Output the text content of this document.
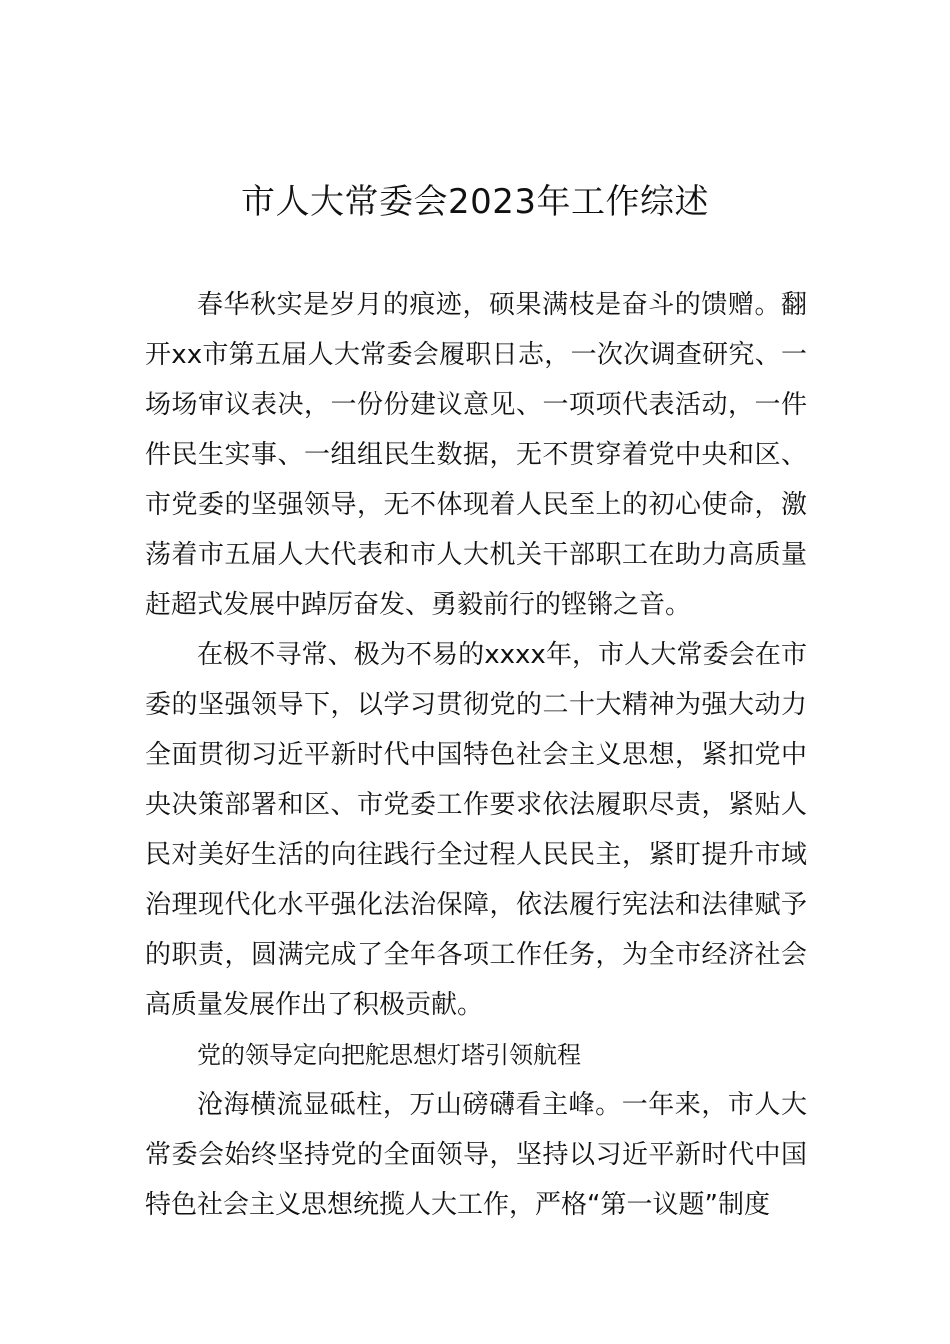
市人大常委会2023年工作综述

春华秋实是岁月的痕迹，硕果满枝是奋斗的馈赠。翻开xx市第五届人大常委会履职日志，一次次调查研究、一场场审议表决，一份份建议意见、一项项代表活动，一件件民生实事、一组组民生数据，无不贯穿着党中央和区、市党委的坚强领导，无不体现着人民至上的初心使命，激荡着市五届人大代表和市人大机关干部职工在助力高质量赶超式发展中踔厉奋发、勇毅前行的铿锵之音。

在极不寻常、极为不易的xxxx年，市人大常委会在市委的坚强领导下，以学习贯彻党的二十大精神为强大动力全面贯彻习近平新时代中国特色社会主义思想，紧扣党中央决策部署和区、市党委工作要求依法履职尽责，紧贴人民对美好生活的向往践行全过程人民民主，紧盯提升市域治理现代化水平强化法治保障，依法履行宪法和法律赋予的职责，圆满完成了全年各项工作任务，为全市经济社会高质量发展作出了积极贡献。

党的领导定向把舵思想灯塔引领航程

沧海横流显砥柱，万山磅礴看主峰。一年来，市人大常委会始终坚持党的全面领导，坚持以习近平新时代中国特色社会主义思想统揽人大工作，严格“第一议题”制度
